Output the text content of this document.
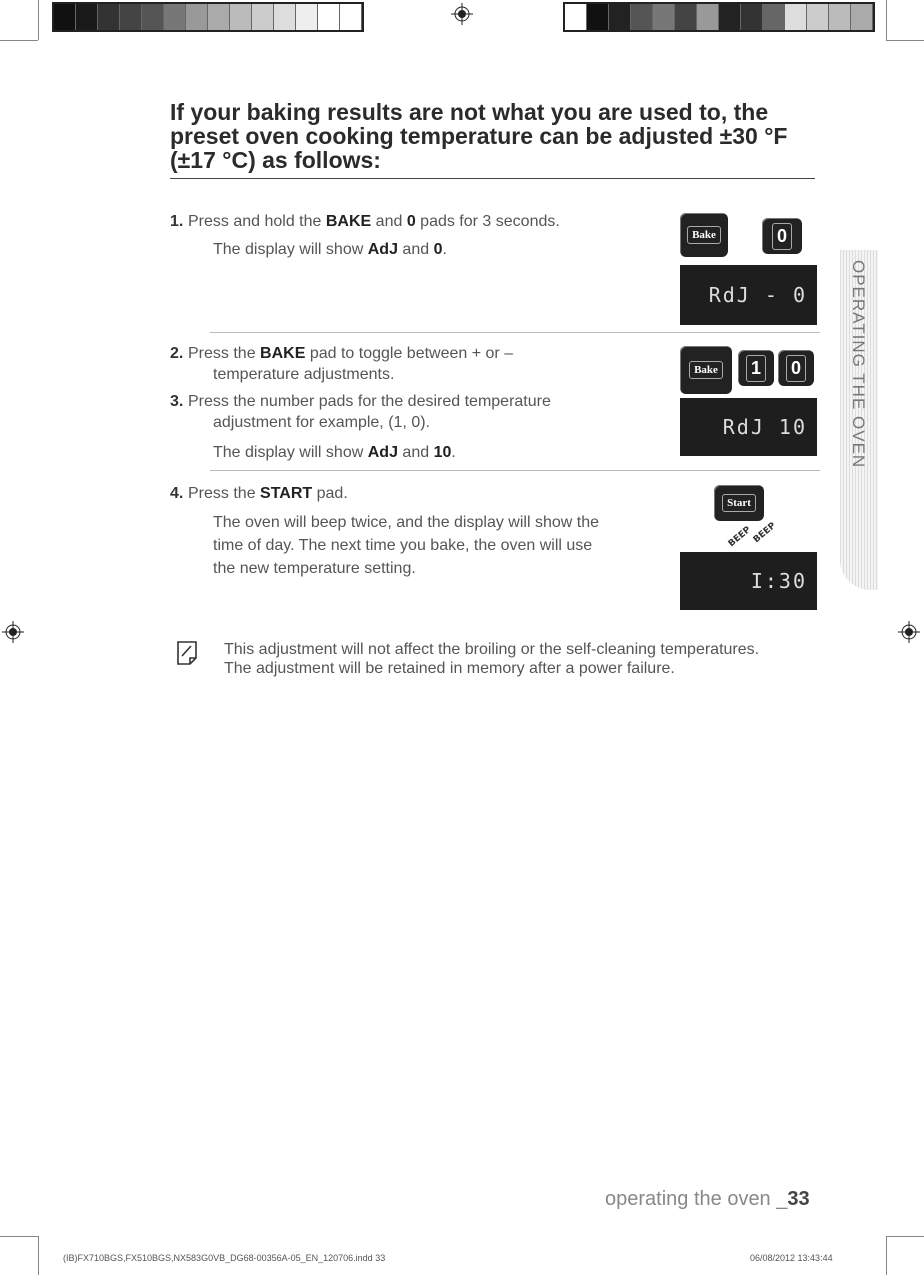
If your baking results are not what you are used to, the preset oven cooking temperature can be adjusted ±30 °F (±17 °C) as follows:
1. Press and hold the BAKE and 0 pads for 3 seconds.
The display will show AdJ and 0.
2. Press the BAKE pad to toggle between + or –
temperature adjustments.
3. Press the number pads for the desired temperature
adjustment for example, (1, 0).
The display will show AdJ and 10.
4. Press the START pad.
The oven will beep twice, and the display will show the
time of day. The next time you bake, the oven will use
the new temperature setting.
Bake	0
RdJ - 0
Bake 1 0
RdJ 10
Start
BEEP
BEEP
I:30
OPERATING THE OVEN
This adjustment will not affect the broiling or the self-cleaning temperatures.
The adjustment will be retained in memory after a power failure.
operating the oven _33
(IB)FX710BGS,FX510BGS,NX583G0VB_DG68-00356A-05_EN_120706.indd 33	06/08/2012 13:43:44
